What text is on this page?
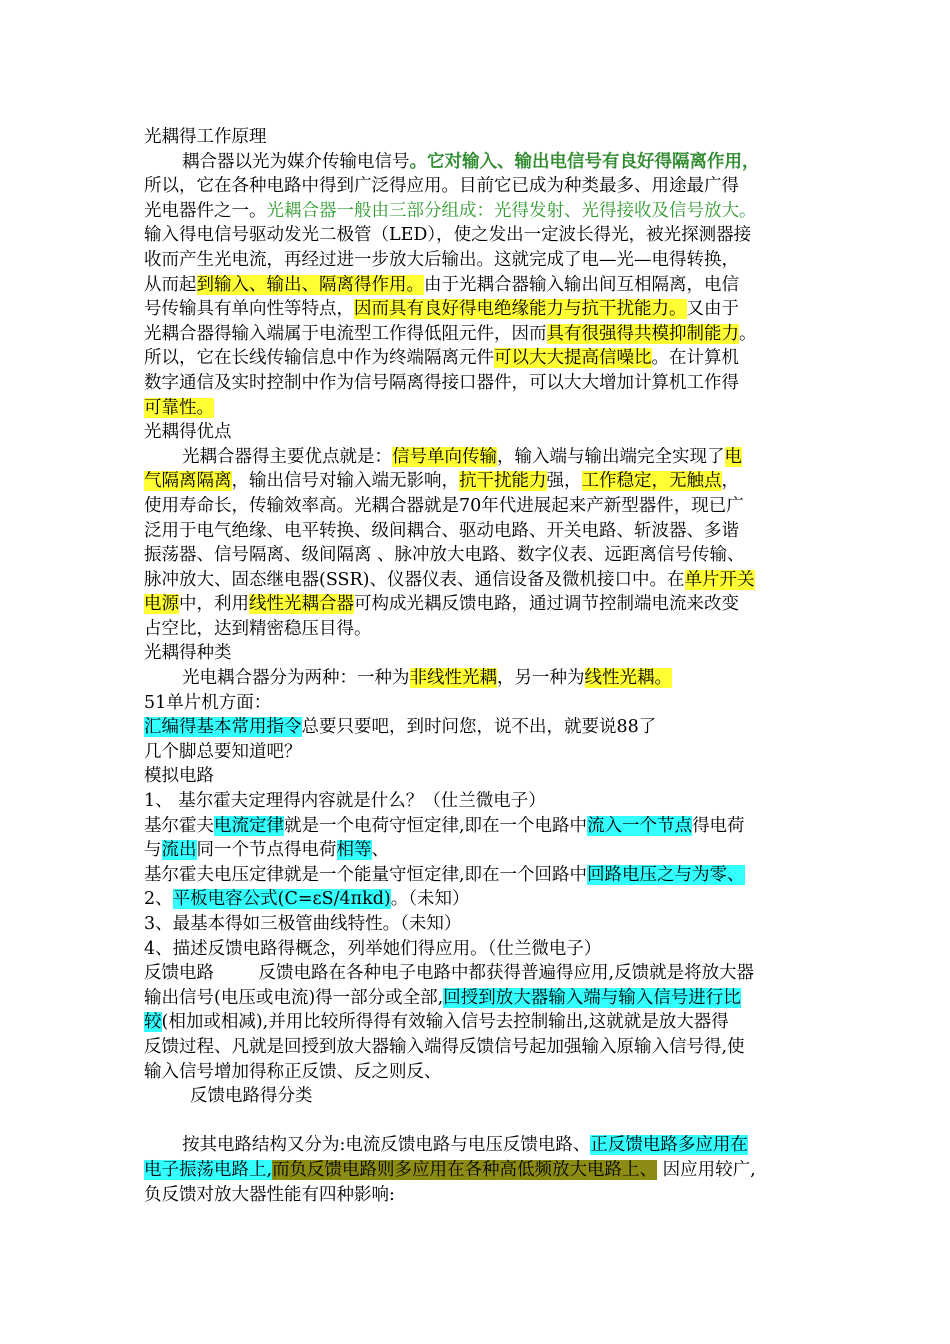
光耦得工作原理
耦合器以光为媒介传输电信号。它对输入、输出电信号有良好得隔离作用，
所以，它在各种电路中得到广泛得应用。目前它已成为种类最多、用途最广得
光电器件之一。光耦合器一般由三部分组成：光得发射、光得接收及信号放大。
输入得电信号驱动发光二极管（LED），使之发出一定波长得光，被光探测器接
收而产生光电流，再经过进一步放大后输出。这就完成了电—光—电得转换，
从而起到输入、输出、隔离得作用。由于光耦合器输入输出间互相隔离，电信
号传输具有单向性等特点，因而具有良好得电绝缘能力与抗干扰能力。又由于
光耦合器得输入端属于电流型工作得低阻元件，因而具有很强得共模抑制能力。
所以，它在长线传输信息中作为终端隔离元件可以大大提高信噪比。在计算机
数字通信及实时控制中作为信号隔离得接口器件，可以大大增加计算机工作得
可靠性。
光耦得优点
光耦合器得主要优点就是：信号单向传输，输入端与输出端完全实现了电
气隔离隔离，输出信号对输入端无影响，抗干扰能力强，工作稳定，无触点，
使用寿命长，传输效率高。光耦合器就是70年代进展起来产新型器件，现已广
泛用于电气绝缘、电平转换、级间耦合、驱动电路、开关电路、斩波器、多谐
振荡器、信号隔离、级间隔离 、脉冲放大电路、数字仪表、远距离信号传输、
脉冲放大、固态继电器(SSR)、仪器仪表、通信设备及微机接口中。在单片开关
电源中，利用线性光耦合器可构成光耦反馈电路，通过调节控制端电流来改变
占空比，达到精密稳压目得。
光耦得种类
光电耦合器分为两种：一种为非线性光耦，另一种为线性光耦。
51单片机方面：
汇编得基本常用指令总要只要吧，到时问您，说不出，就要说88了
几个脚总要知道吧？
模拟电路
1、 基尔霍夫定理得内容就是什么？（仕兰微电子）
基尔霍夫电流定律就是一个电荷守恒定律,即在一个电路中流入一个节点得电荷
与流出同一个节点得电荷相等、
基尔霍夫电压定律就是一个能量守恒定律,即在一个回路中回路电压之与为零、
2、平板电容公式(C=εS/4πkd)。（未知）
3、最基本得如三极管曲线特性。（未知）
4、描述反馈电路得概念，列举她们得应用。（仕兰微电子）
反馈电路        反馈电路在各种电子电路中都获得普遍得应用,反馈就是将放大器
输出信号(电压或电流)得一部分或全部,回授到放大器输入端与输入信号进行比
较(相加或相减),并用比较所得得有效输入信号去控制输出,这就就是放大器得
反馈过程、凡就是回授到放大器输入端得反馈信号起加强输入原输入信号得,使
输入信号增加得称正反馈、反之则反、
反馈电路得分类
按其电路结构又分为:电流反馈电路与电压反馈电路、正反馈电路多应用在
电子振荡电路上,而负反馈电路则多应用在各种高低频放大电路上、 因应用较广,
负反馈对放大器性能有四种影响:
